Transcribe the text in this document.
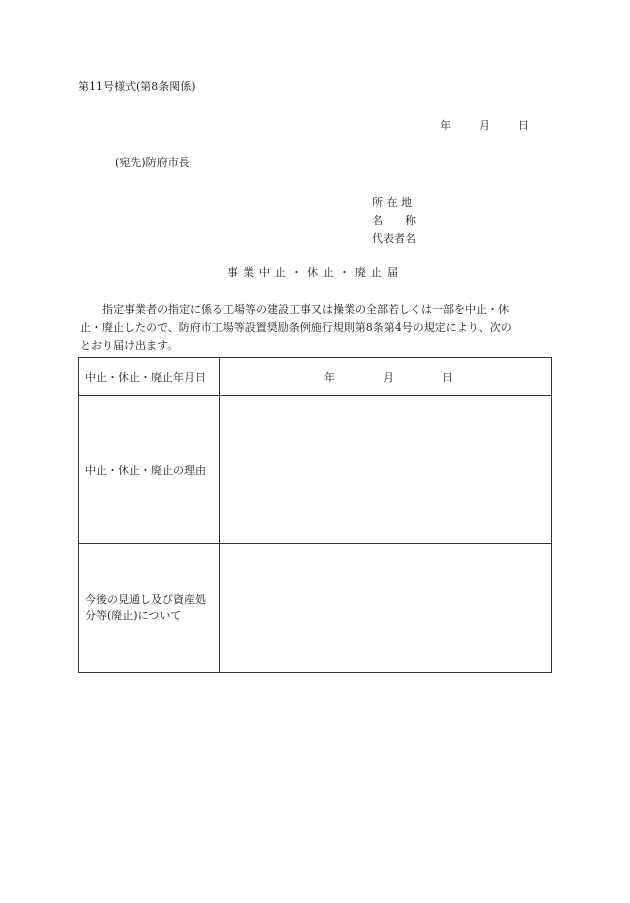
第11号様式(第8条関係)
年	月	日
(宛先)防府市長
所 在 地
名　　称
代表者名
事業中止・休止・廃止届
指定事業者の指定に係る工場等の建設工事又は操業の全部若しくは一部を中止・休
止・廃止したので、防府市工場等設置奨励条例施行規則第8条第4号の規定により、次の
とおり届け出ます。
中止・休止・廃止年月日	年 月 日
中止・休止・廃止の理由	

今後の見通し及び資産処
分等(廃止)について	
